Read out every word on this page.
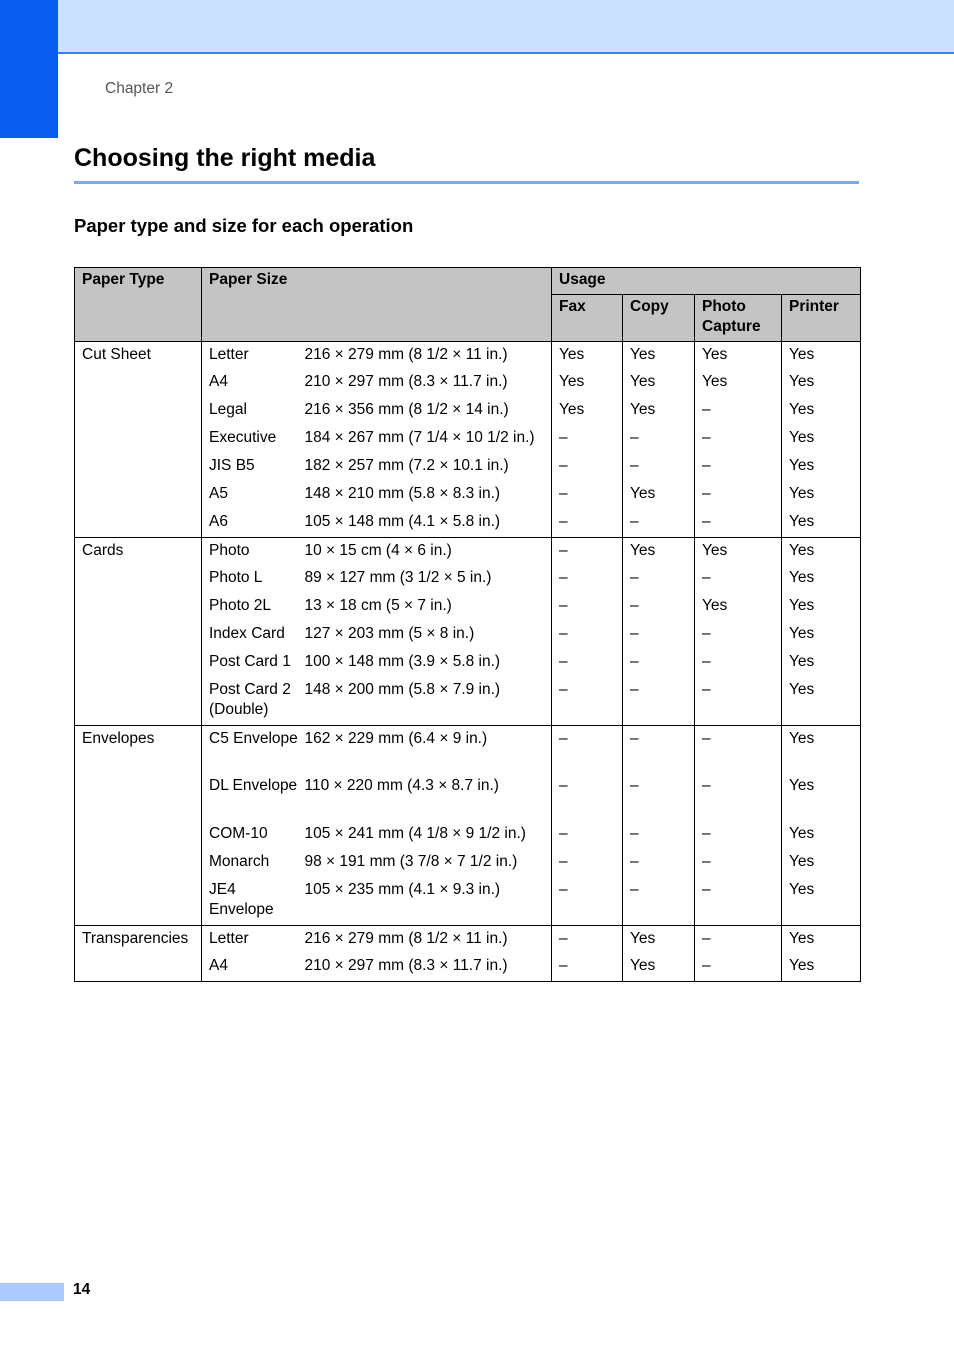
Chapter 2
Choosing the right media
Paper type and size for each operation
Paper Type	Paper Size		Usage			
			Fax	Copy	Photo Capture	Printer
Cut Sheet	Letter	216 × 279 mm (8 1/2 × 11 in.)	Yes	Yes	Yes	Yes
	A4	210 × 297 mm (8.3 × 11.7 in.)	Yes	Yes	Yes	Yes
	Legal	216 × 356 mm (8 1/2 × 14 in.)	Yes	Yes	–	Yes
	Executive	184 × 267 mm (7 1/4 × 10 1/2 in.)	–	–	–	Yes
	JIS B5	182 × 257 mm (7.2 × 10.1 in.)	–	–	–	Yes
	A5	148 × 210 mm (5.8 × 8.3 in.)	–	Yes	–	Yes
	A6	105 × 148 mm (4.1 × 5.8 in.)	–	–	–	Yes
Cards	Photo	10 × 15 cm (4 × 6 in.)	–	Yes	Yes	Yes
	Photo L	89 × 127 mm (3 1/2 × 5 in.)	–	–	–	Yes
	Photo 2L	13 × 18 cm (5 × 7 in.)	–	–	Yes	Yes
	Index Card	127 × 203 mm (5 × 8 in.)	–	–	–	Yes
	Post Card 1	100 × 148 mm (3.9 × 5.8 in.)	–	–	–	Yes
	Post Card 2 (Double)	148 × 200 mm (5.8 × 7.9 in.)	–	–	–	Yes
Envelopes	C5 Envelope	162 × 229 mm (6.4 × 9 in.)	–	–	–	Yes
	DL Envelope	110 × 220 mm (4.3 × 8.7 in.)	–	–	–	Yes
	COM-10	105 × 241 mm (4 1/8 × 9 1/2 in.)	–	–	–	Yes
	Monarch	98 × 191 mm (3 7/8 × 7 1/2 in.)	–	–	–	Yes
	JE4 Envelope	105 × 235 mm (4.1 × 9.3 in.)	–	–	–	Yes
Transparencies	Letter	216 × 279 mm (8 1/2 × 11 in.)	–	Yes	–	Yes
	A4	210 × 297 mm (8.3 × 11.7 in.)	–	Yes	–	Yes
14
